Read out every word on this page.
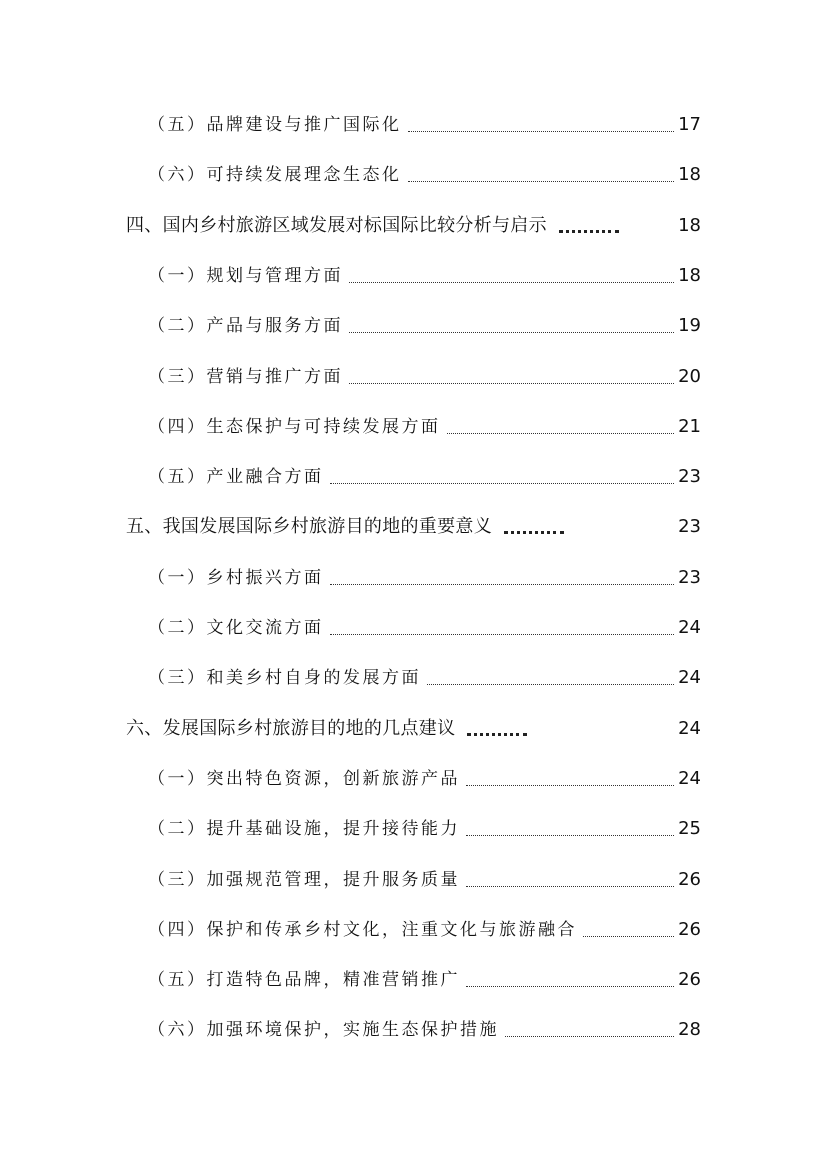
（五）品牌建设与推广国际化	17
（六）可持续发展理念生态化	18
四、国内乡村旅游区域发展对标国际比较分析与启示	18
（一）规划与管理方面	18
（二）产品与服务方面	19
（三）营销与推广方面	20
（四）生态保护与可持续发展方面	21
（五）产业融合方面	23
五、我国发展国际乡村旅游目的地的重要意义	23
（一）乡村振兴方面	23
（二）文化交流方面	24
（三）和美乡村自身的发展方面	24
六、发展国际乡村旅游目的地的几点建议	24
（一）突出特色资源，创新旅游产品	24
（二）提升基础设施，提升接待能力	25
（三）加强规范管理，提升服务质量	26
（四）保护和传承乡村文化，注重文化与旅游融合	26
（五）打造特色品牌，精准营销推广	26
（六）加强环境保护，实施生态保护措施	28
